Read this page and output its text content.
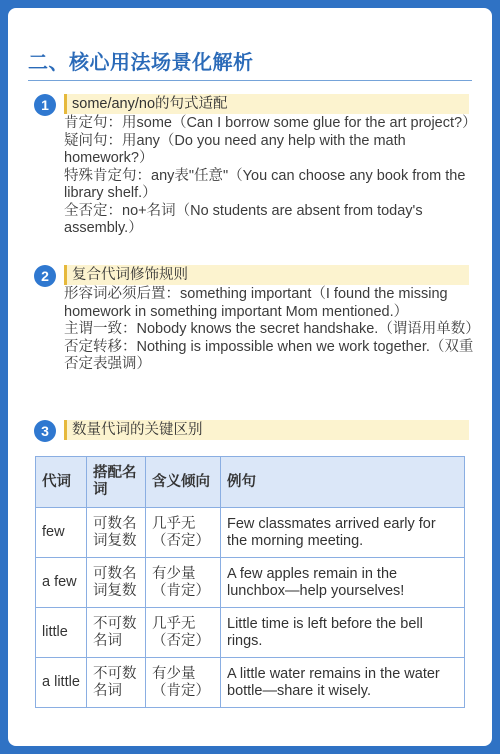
二、核心用法场景化解析
1	some/any/no的句式适配

肯定句：用some（Can I borrow some glue for the art project?）

疑问句：用any（Do you need any help with the math homework?）

特殊肯定句：any表"任意"（You can choose any book from the library shelf.）

全否定：no+名词（No students are absent from today's assembly.）

2	复合代词修饰规则

形容词必须后置：something important（I found the missing homework in something important Mom mentioned.）

主谓一致：Nobody knows the secret handshake.（谓语用单数）

否定转移：Nothing is impossible when we work together.（双重否定表强调）

3	数量代词的关键区别
代词	搭配名词	含义倾向	例句
few	可数名词复数	几乎无（否定）	Few classmates arrived early for the morning meeting.
a few	可数名词复数	有少量（肯定）	A few apples remain in the lunchbox—help yourselves!
little	不可数名词	几乎无（否定）	Little time is left before the bell rings.
a little	不可数名词	有少量（肯定）	A little water remains in the water bottle—share it wisely.
